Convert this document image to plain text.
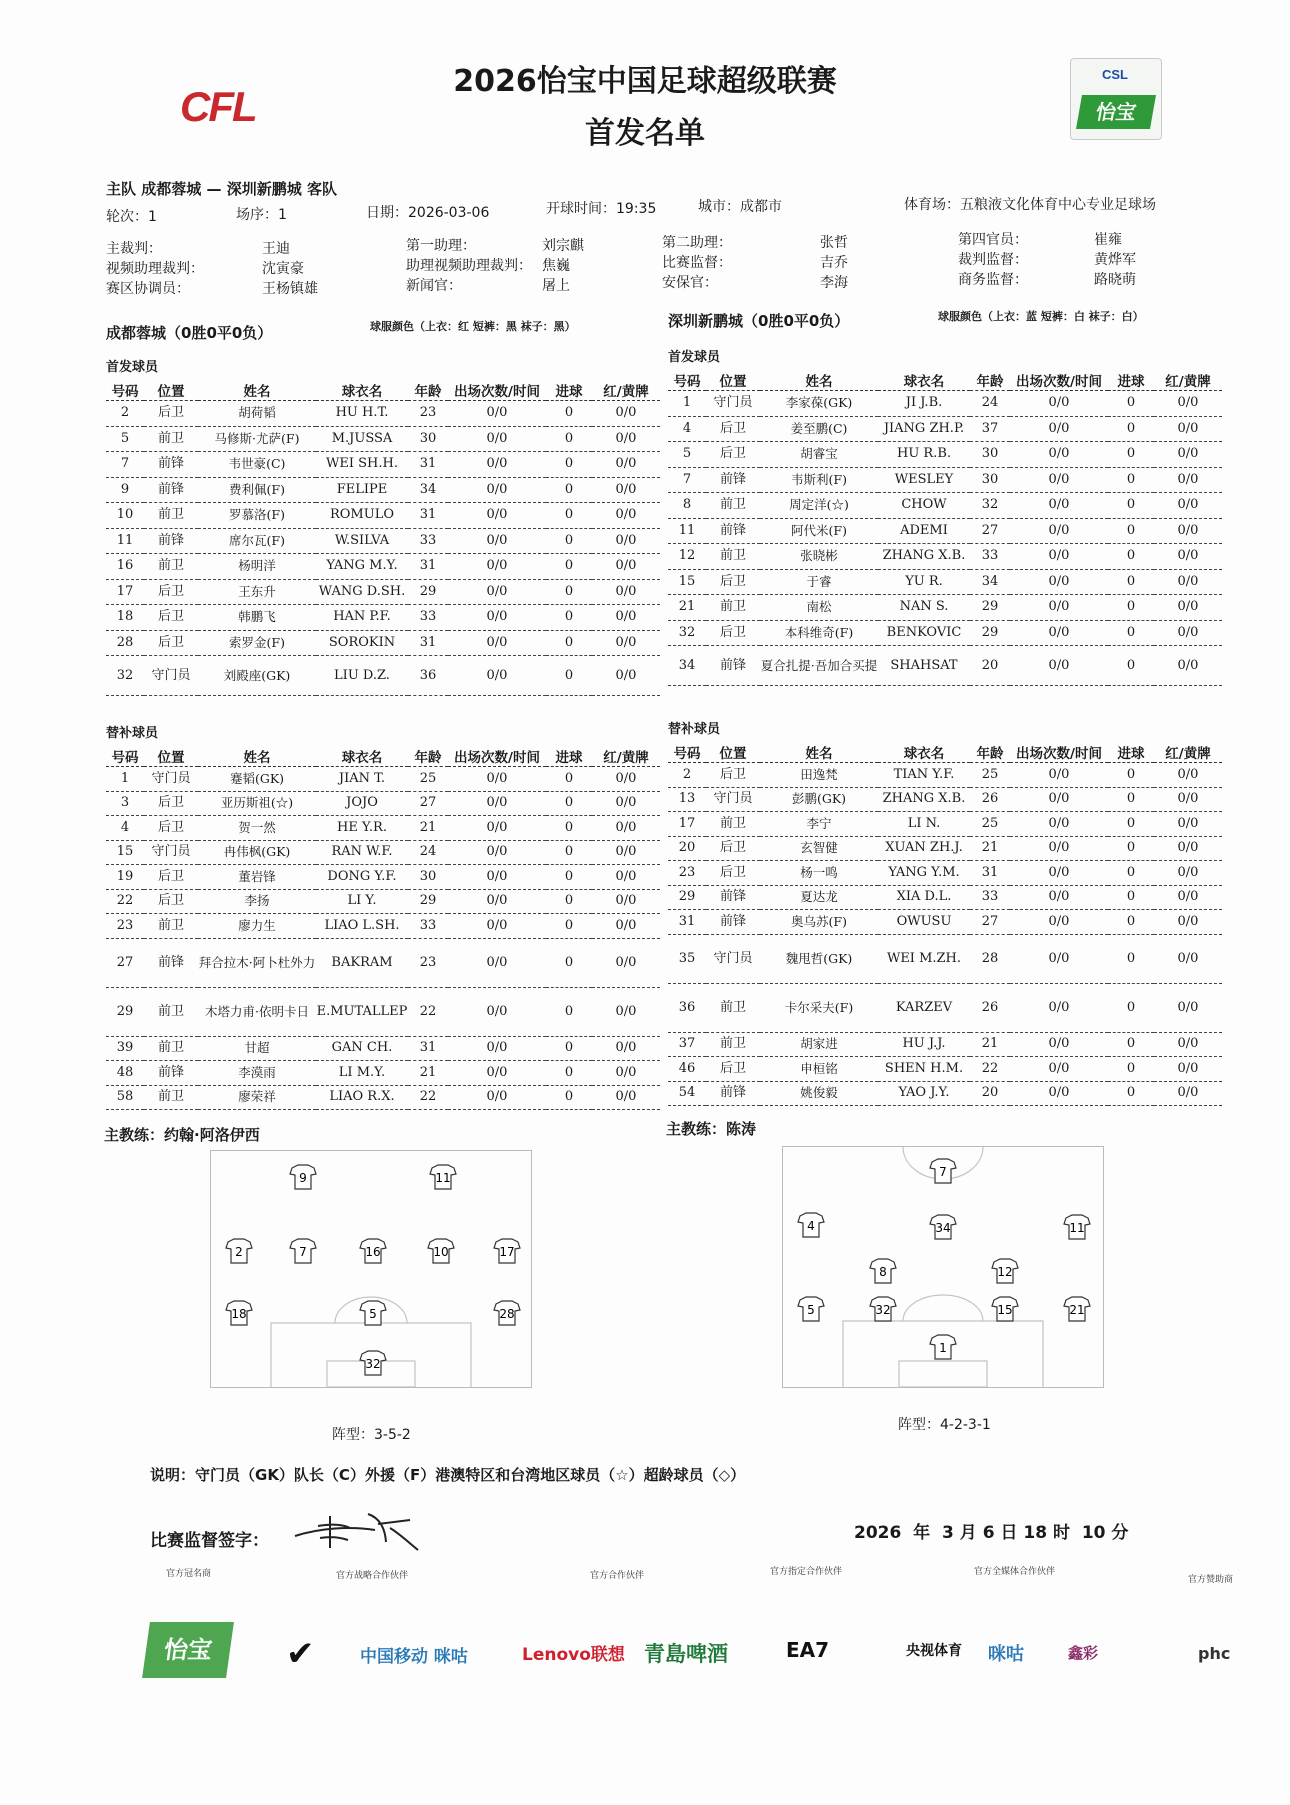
CFL
CSL
怡宝
2026怡宝中国足球超级联赛
首发名单
主队 成都蓉城 — 深圳新鹏城 客队
轮次：1	场序：1	日期：2026-03-06	开球时间：19:35	城市：成都市	体育场：五粮液文化体育中心专业足球场
主裁判：	王迪	第一助理：	刘宗麒	第二助理：	张哲	第四官员：	崔雍
视频助理裁判：	沈寅豪	助理视频助理裁判： 焦巍	比赛监督：	吉乔	裁判监督：	黄烨军
赛区协调员：	王杨镇雄	新闻官：	屠上	安保官：	李海	商务监督：	路晓萌
成都蓉城（0胜0平0负）	球服颜色（上衣：红 短裤：黑 袜子：黑）
首发球员
深圳新鹏城（0胜0平0负）	球服颜色（上衣：蓝 短裤：白 袜子：白）
首发球员
号码	位置	姓名	球衣名	年龄	出场次数/时间	进球	红/黄牌
2	后卫	胡荷韬	HU H.T.	23	0/0	0	0/0
5	前卫	马修斯·尤萨(F)	M.JUSSA	30	0/0	0	0/0
7	前锋	韦世豪(C)	WEI SH.H.	31	0/0	0	0/0
9	前锋	费利佩(F)	FELIPE	34	0/0	0	0/0
10	前卫	罗慕洛(F)	ROMULO	31	0/0	0	0/0
11	前锋	席尔瓦(F)	W.SILVA	33	0/0	0	0/0
16	前卫	杨明洋	YANG M.Y.	31	0/0	0	0/0
17	后卫	王东升	WANG D.SH.	29	0/0	0	0/0
18	后卫	韩鹏飞	HAN P.F.	33	0/0	0	0/0
28	后卫	索罗金(F)	SOROKIN	31	0/0	0	0/0
32	守门员	刘殿座(GK)	LIU D.Z.	36	0/0	0	0/0
号码	位置	姓名	球衣名	年龄	出场次数/时间	进球	红/黄牌
1	守门员	李家葆(GK)	JI J.B.	24	0/0	0	0/0
4	后卫	姜至鹏(C)	JIANG ZH.P.	37	0/0	0	0/0
5	后卫	胡睿宝	HU R.B.	30	0/0	0	0/0
7	前锋	韦斯利(F)	WESLEY	30	0/0	0	0/0
8	前卫	周定洋(☆)	CHOW	32	0/0	0	0/0
11	前锋	阿代米(F)	ADEMI	27	0/0	0	0/0
12	前卫	张晓彬	ZHANG X.B.	33	0/0	0	0/0
15	后卫	于睿	YU R.	34	0/0	0	0/0
21	前卫	南松	NAN S.	29	0/0	0	0/0
32	后卫	本科维奇(F)	BENKOVIC	29	0/0	0	0/0
34	前锋	夏合扎提·吾加合买提	SHAHSAT	20	0/0	0	0/0
替补球员	替补球员
号码	位置	姓名	球衣名	年龄	出场次数/时间	进球	红/黄牌
1	守门员	蹇韬(GK)	JIAN T.	25	0/0	0	0/0
3	后卫	亚历斯祖(☆)	JOJO	27	0/0	0	0/0
4	后卫	贺一然	HE Y.R.	21	0/0	0	0/0
15	守门员	冉伟枫(GK)	RAN W.F.	24	0/0	0	0/0
19	后卫	董岩锋	DONG Y.F.	30	0/0	0	0/0
22	后卫	李扬	LI Y.	29	0/0	0	0/0
23	前卫	廖力生	LIAO L.SH.	33	0/0	0	0/0
27	前锋	拜合拉木·阿卜杜外力	BAKRAM	23	0/0	0	0/0
29	前卫	木塔力甫·依明卡日	E.MUTALLEP	22	0/0	0	0/0
39	前卫	甘超	GAN CH.	31	0/0	0	0/0
48	前锋	李漠雨	LI M.Y.	21	0/0	0	0/0
58	前卫	廖荣祥	LIAO R.X.	22	0/0	0	0/0
号码	位置	姓名	球衣名	年龄	出场次数/时间	进球	红/黄牌
2	后卫	田逸梵	TIAN Y.F.	25	0/0	0	0/0
13	守门员	彭鹏(GK)	ZHANG X.B.	26	0/0	0	0/0
17	前卫	李宁	LI N.	25	0/0	0	0/0
20	后卫	玄智健	XUAN ZH.J.	21	0/0	0	0/0
23	后卫	杨一鸣	YANG Y.M.	31	0/0	0	0/0
29	前锋	夏达龙	XIA D.L.	33	0/0	0	0/0
31	前锋	奥乌苏(F)	OWUSU	27	0/0	0	0/0
35	守门员	魏甩哲(GK)	WEI M.ZH.	28	0/0	0	0/0
36	前卫	卡尔采夫(F)	KARZEV	26	0/0	0	0/0
37	前卫	胡家进	HU J.J.	21	0/0	0	0/0
46	后卫	申桓铭	SHEN H.M.	22	0/0	0	0/0
54	前锋	姚俊毅	YAO J.Y.	20	0/0	0	0/0
主教练：约翰·阿洛伊西	主教练：陈涛
9	11
2	7	16	10	17
18	5	28
32
阵型：3-5-2
7
4	34	11
8	12
5	32	15	21
1
阵型：4-2-3-1
说明：守门员（GK）队长（C）外援（F）港澳特区和台湾地区球员（☆）超龄球员（◇）
比赛监督签字：	2026 年 3 月 6 日 18 时 10 分
官方冠名商	官方战略合作伙伴	官方合作伙伴	官方指定合作伙伴	官方全媒体合作伙伴
官方赞助商
怡宝	✔	中国移动 咪咕	Lenovo联想 青島啤酒	EA7	央视体育 咪咕	鑫彩	phc
